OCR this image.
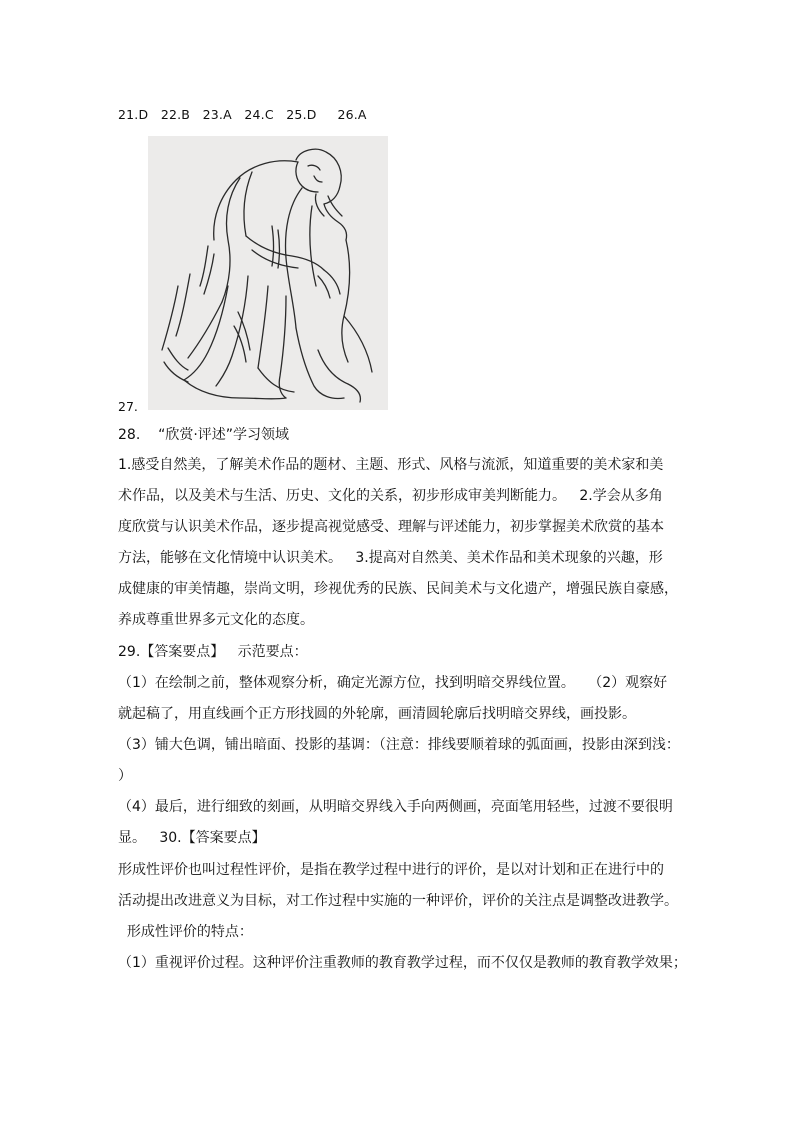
21.D   22.B   23.A   24.C   25.D     26.A
27.
28.    “欣赏·评述”学习领域
1.感受自然美，了解美术作品的题材、主题、形式、风格与流派，知道重要的美术家和美
术作品，以及美术与生活、历史、文化的关系，初步形成审美判断能力。   2.学会从多角
度欣赏与认识美术作品，逐步提高视觉感受、理解与评述能力，初步掌握美术欣赏的基本
方法，能够在文化情境中认识美术。   3.提高对自然美、美术作品和美术现象的兴趣，形
成健康的审美情趣，崇尚文明，珍视优秀的民族、民间美术与文化遗产，增强民族自豪感，
养成尊重世界多元文化的态度。
29.【答案要点】   示范要点：
（1）在绘制之前，整体观察分析，确定光源方位，找到明暗交界线位置。   （2）观察好
就起稿了，用直线画个正方形找圆的外轮廓，画清圆轮廓后找明暗交界线，画投影。
（3）铺大色调，铺出暗面、投影的基调：（注意：排线要顺着球的弧面画，投影由深到浅：
）
（4）最后，进行细致的刻画，从明暗交界线入手向两侧画，亮面笔用轻些，过渡不要很明
显。   30.【答案要点】
形成性评价也叫过程性评价，是指在教学过程中进行的评价，是以对计划和正在进行中的
活动提出改进意义为目标，对工作过程中实施的一种评价，评价的关注点是调整改进教学。
形成性评价的特点：
（1）重视评价过程。这种评价注重教师的教育教学过程，而不仅仅是教师的教育教学效果；
